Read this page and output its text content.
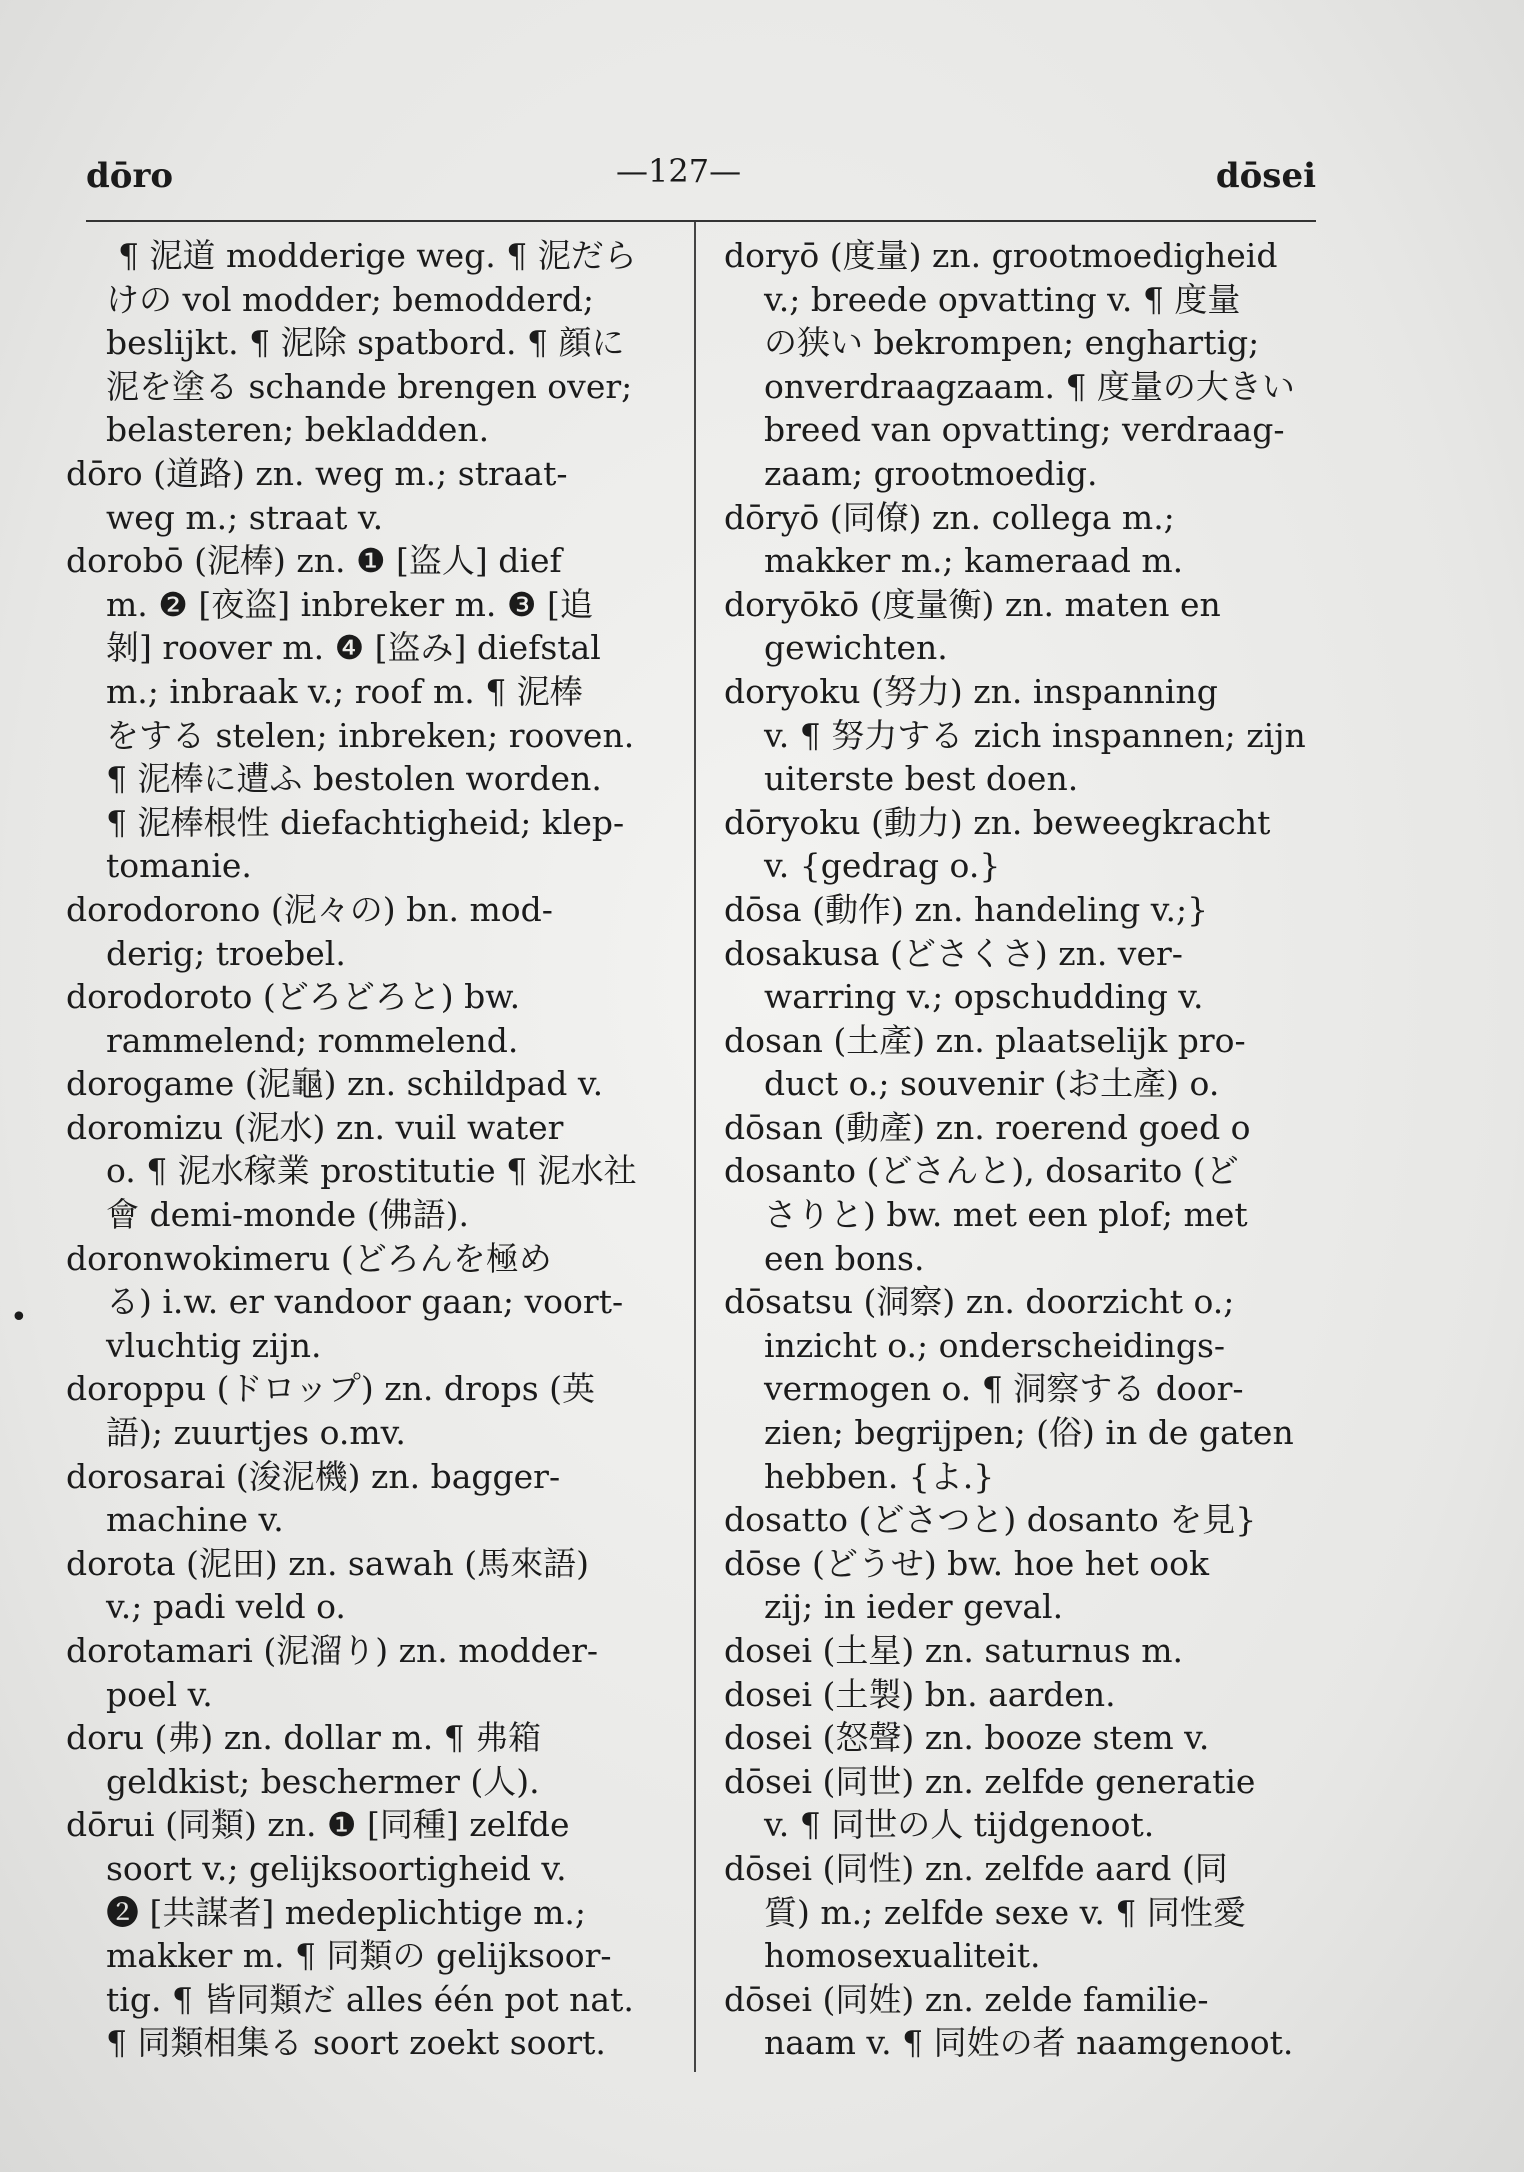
dōro	—127—	dōsei
•
¶ 泥道 modderige weg. ¶ 泥だら
けの vol modder; bemodderd;
beslijkt. ¶ 泥除 spatbord. ¶ 顔に
泥を塗る schande brengen over;
belasteren; bekladden.
dōro (道路) zn. weg m.; straat-
weg m.; straat v.
dorobō (泥棒) zn. ❶ [盗人] dief
m. ❷ [夜盗] inbreker m. ❸ [追
剝] roover m. ❹ [盗み] diefstal
m.; inbraak v.; roof m. ¶ 泥棒
をする stelen; inbreken; rooven.
¶ 泥棒に遭ふ bestolen worden.
¶ 泥棒根性 diefachtigheid; klep-
tomanie.
dorodorono (泥々の) bn. mod-
derig; troebel.
dorodoroto (どろどろと) bw.
rammelend; rommelend.
dorogame (泥龜) zn. schildpad v.
doromizu (泥水) zn. vuil water
o. ¶ 泥水稼業 prostitutie ¶ 泥水社
會 demi-monde (佛語).
doronwokimeru (どろんを極め
る) i.w. er vandoor gaan; voort-
vluchtig zijn.
doroppu (ドロップ) zn. drops (英
語); zuurtjes o.mv.
dorosarai (浚泥機) zn. bagger-
machine v.
dorota (泥田) zn. sawah (馬來語)
v.; padi veld o.
dorotamari (泥溜り) zn. modder-
poel v.
doru (弗) zn. dollar m. ¶ 弗箱
geldkist; beschermer (人).
dōrui (同類) zn. ❶ [同種] zelfde
soort v.; gelijksoortigheid v.
❷ [共謀者] medeplichtige m.;
makker m. ¶ 同類の gelijksoor-
tig. ¶ 皆同類だ alles één pot nat.
¶ 同類相集る soort zoekt soort.
doryō (度量) zn. grootmoedigheid
v.; breede opvatting v. ¶ 度量
の狭い bekrompen; enghartig;
onverdraagzaam. ¶ 度量の大きい
breed van opvatting; verdraag-
zaam; grootmoedig.
dōryō (同僚) zn. collega m.;
makker m.; kameraad m.
doryōkō (度量衡) zn. maten en
gewichten.
doryoku (努力) zn. inspanning
v. ¶ 努力する zich inspannen; zijn
uiterste best doen.
dōryoku (動力) zn. beweegkracht
v. {gedrag o.}
dōsa (動作) zn. handeling v.;}
dosakusa (どさくさ) zn. ver-
warring v.; opschudding v.
dosan (土產) zn. plaatselijk pro-
duct o.; souvenir (お土產) o.
dōsan (動產) zn. roerend goed o
dosanto (どさんと), dosarito (ど
さりと) bw. met een plof; met
een bons.
dōsatsu (洞察) zn. doorzicht o.;
inzicht o.; onderscheidings-
vermogen o. ¶ 洞察する door-
zien; begrijpen; (俗) in de gaten
hebben. {よ.}
dosatto (どさつと) dosanto を見}
dōse (どうせ) bw. hoe het ook
zij; in ieder geval.
dosei (土星) zn. saturnus m.
dosei (土製) bn. aarden.
dosei (怒聲) zn. booze stem v.
dōsei (同世) zn. zelfde generatie
v. ¶ 同世の人 tijdgenoot.
dōsei (同性) zn. zelfde aard (同
質) m.; zelfde sexe v. ¶ 同性愛
homosexualiteit.
dōsei (同姓) zn. zelde familie-
naam v. ¶ 同姓の者 naamgenoot.
